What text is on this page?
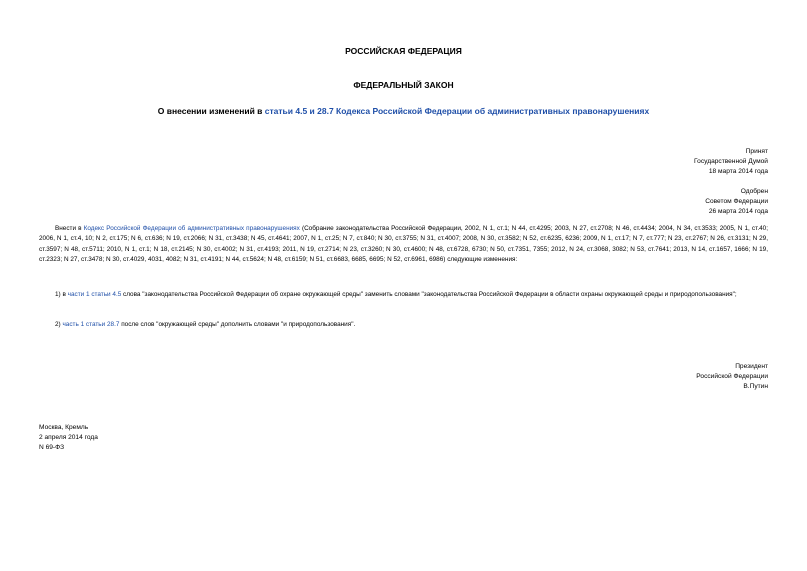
РОССИЙСКАЯ ФЕДЕРАЦИЯ
ФЕДЕРАЛЬНЫЙ ЗАКОН
О внесении изменений в статьи 4.5 и 28.7 Кодекса Российской Федерации об административных правонарушениях
Принят
Государственной Думой
18 марта 2014 года
Одобрен
Советом Федерации
26 марта 2014 года
Внести в Кодекс Российской Федерации об административных правонарушениях (Собрание законодательства Российской Федерации, 2002, N 1, ст.1; N 44, ст.4295; 2003, N 27, ст.2708; N 46, ст.4434; 2004, N 34, ст.3533; 2005, N 1, ст.40; 2006, N 1, ст.4, 10; N 2, ст.175; N 6, ст.636; N 19, ст.2066; N 31, ст.3438; N 45, ст.4641; 2007, N 1, ст.25; N 7, ст.840; N 30, ст.3755; N 31, ст.4007; 2008, N 30, ст.3582; N 52, ст.6235, 6236; 2009, N 1, ст.17; N 7, ст.777; N 23, ст.2767; N 26, ст.3131; N 29, ст.3597; N 48, ст.5711; 2010, N 1, ст.1; N 18, ст.2145; N 30, ст.4002; N 31, ст.4193; 2011, N 19, ст.2714; N 23, ст.3260; N 30, ст.4600; N 48, ст.6728, 6730; N 50, ст.7351, 7355; 2012, N 24, ст.3068, 3082; N 53, ст.7641; 2013, N 14, ст.1657, 1666; N 19, ст.2323; N 27, ст.3478; N 30, ст.4029, 4031, 4082; N 31, ст.4191; N 44, ст.5624; N 48, ст.6159; N 51, ст.6683, 6685, 6695; N 52, ст.6961, 6986) следующие изменения:
1) в части 1 статьи 4.5 слова "законодательства Российской Федерации об охране окружающей среды" заменить словами "законодательства Российской Федерации в области охраны окружающей среды и природопользования";
2) часть 1 статьи 28.7 после слов "окружающей среды" дополнить словами "и природопользования".
Президент
Российской Федерации
В.Путин
Москва, Кремль
2 апреля 2014 года
N 69-ФЗ
